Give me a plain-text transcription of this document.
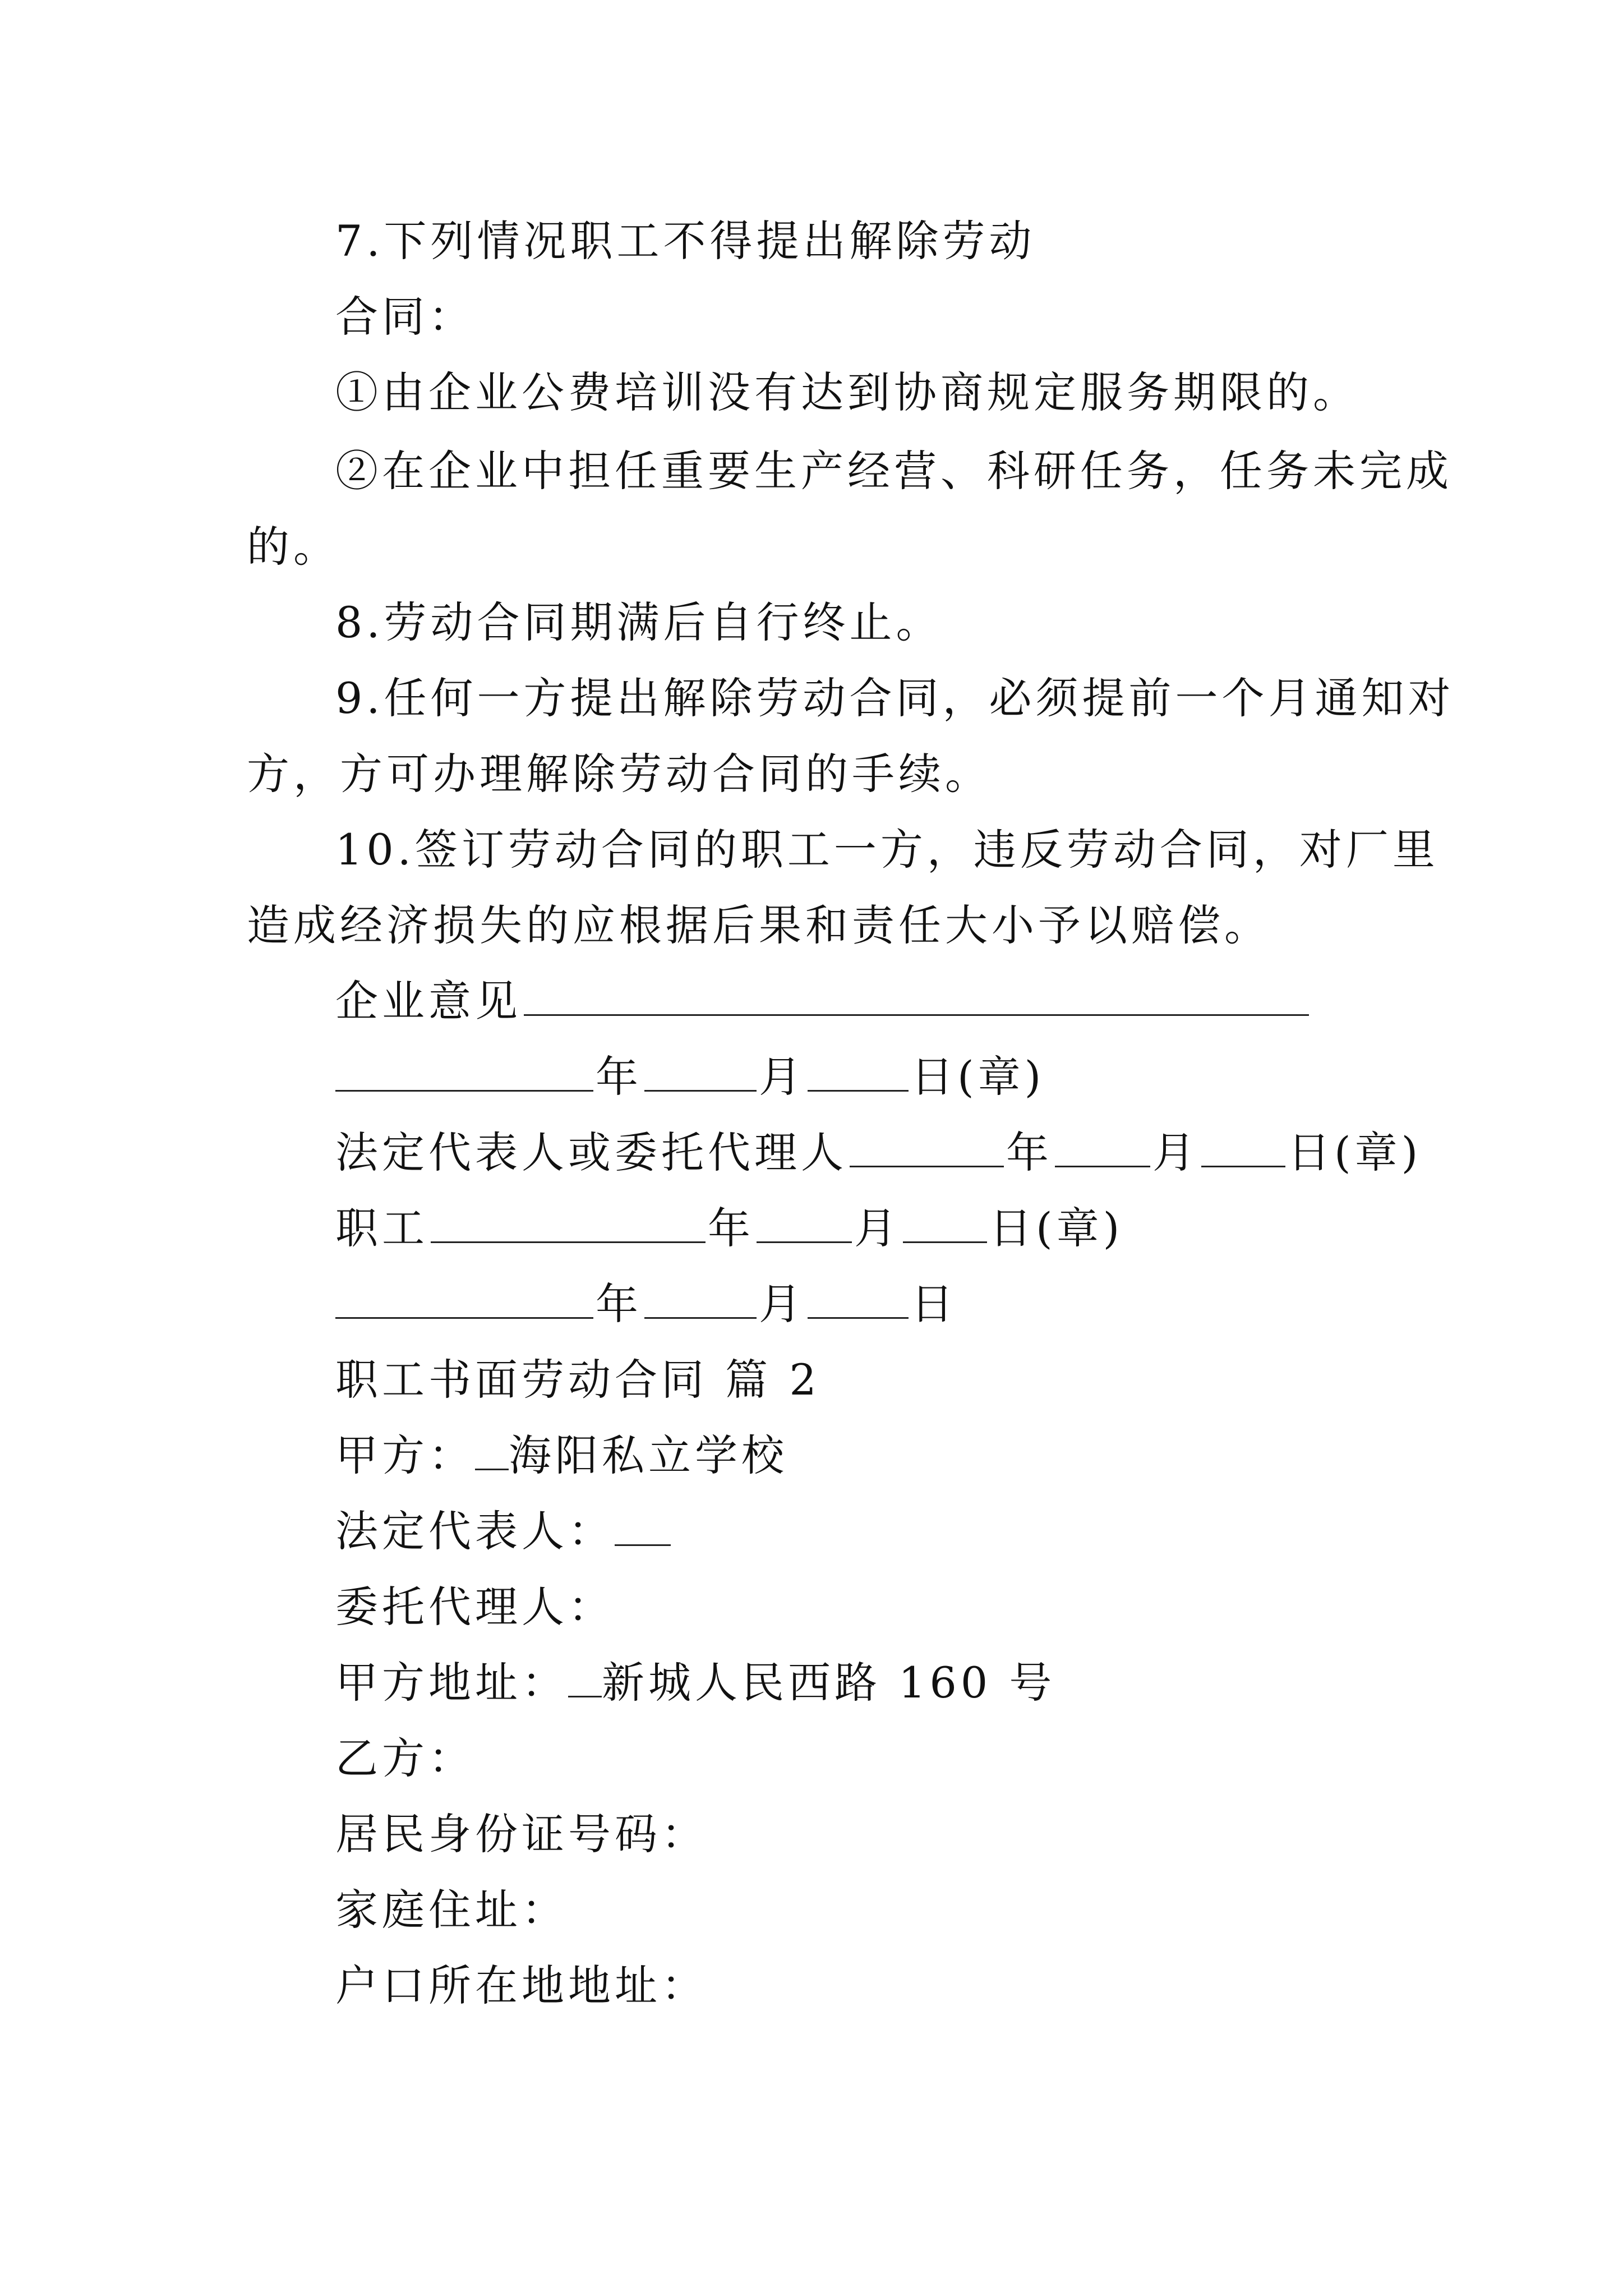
7.下列情况职工不得提出解除劳动
合同：
①由企业公费培训没有达到协商规定服务期限的。
②在企业中担任重要生产经营、科研任务，任务未完成
的。
8.劳动合同期满后自行终止。
9.任何一方提出解除劳动合同，必须提前一个月通知对
方，方可办理解除劳动合同的手续。
10.签订劳动合同的职工一方，违反劳动合同，对厂里
造成经济损失的应根据后果和责任大小予以赔偿。
企业意见
年	月 日(章)
法定代表人或委托代理人	年 月 日(章)
职工	年 月 日(章)
年	月 日
职工书面劳动合同 篇 2
甲方： 海阳私立学校
法定代表人：
委托代理人：
甲方地址： 新城人民西路 160 号
乙方：
居民身份证号码：
家庭住址：
户口所在地地址：
